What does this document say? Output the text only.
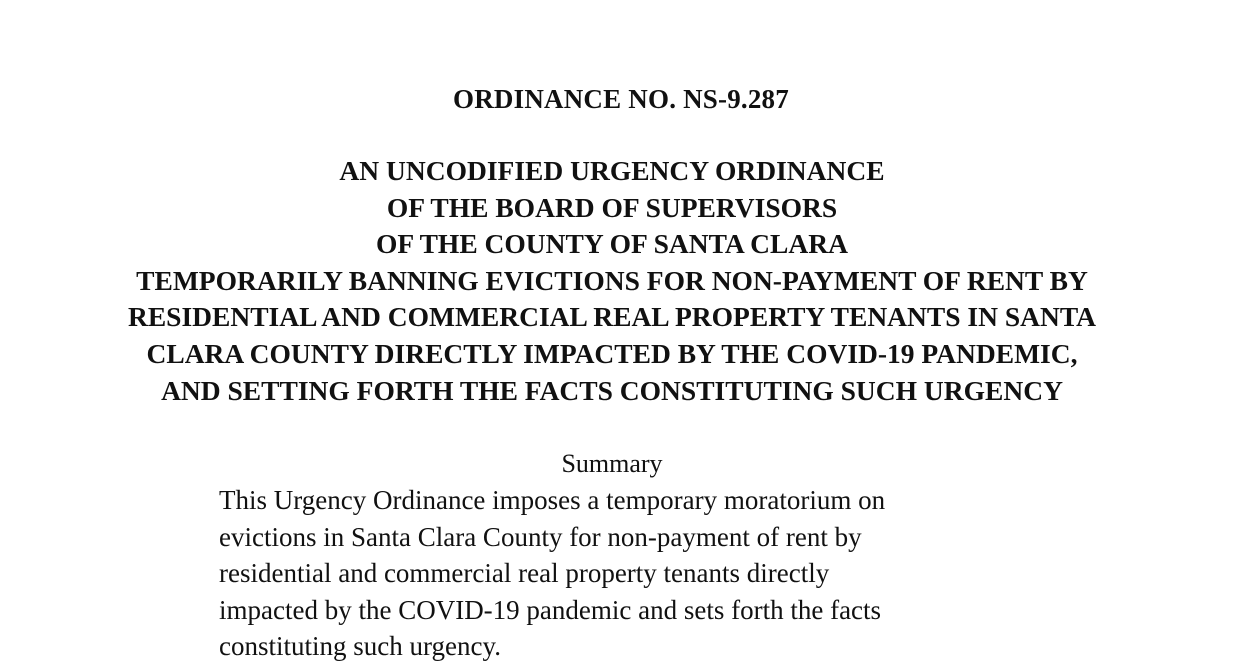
ORDINANCE NO. NS-9.287
AN UNCODIFIED URGENCY ORDINANCE
OF THE BOARD OF SUPERVISORS
OF THE COUNTY OF SANTA CLARA
TEMPORARILY BANNING EVICTIONS FOR NON-PAYMENT OF RENT BY
RESIDENTIAL AND COMMERCIAL REAL PROPERTY TENANTS IN SANTA
CLARA COUNTY DIRECTLY IMPACTED BY THE COVID-19 PANDEMIC,
AND SETTING FORTH THE FACTS CONSTITUTING SUCH URGENCY
Summary
This Urgency Ordinance imposes a temporary moratorium on
evictions in Santa Clara County for non-payment of rent by
residential and commercial real property tenants directly
impacted by the COVID-19 pandemic and sets forth the facts
constituting such urgency.
